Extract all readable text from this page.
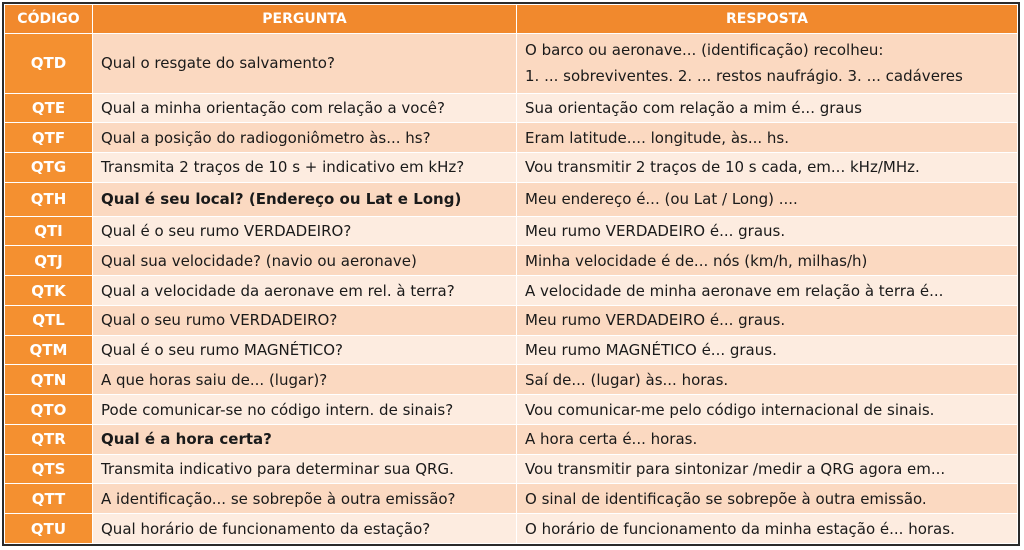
CÓDIGO	PERGUNTA	RESPOSTA
QTD	Qual o resgate do salvamento?	O barco ou aeronave... (identificação) recolheu:
1. ... sobreviventes. 2. ... restos naufrágio. 3. ... cadáveres

QTE	Qual a minha orientação com relação a você?	Sua orientação com relação a mim é... graus
QTF	Qual a posição do radiogoniômetro às... hs?	Eram latitude.... longitude, às... hs.
QTG	Transmita 2 traços de 10 s + indicativo em kHz?	Vou transmitir 2 traços de 10 s cada, em... kHz/MHz.
QTH	Qual é seu local? (Endereço ou Lat e Long)	Meu endereço é... (ou Lat / Long) ....
QTI	Qual é o seu rumo VERDADEIRO?	Meu rumo VERDADEIRO é... graus.
QTJ	Qual sua velocidade? (navio ou aeronave)	Minha velocidade é de... nós (km/h, milhas/h)
QTK	Qual a velocidade da aeronave em rel. à terra?	A velocidade de minha aeronave em relação à terra é...
QTL	Qual o seu rumo VERDADEIRO?	Meu rumo VERDADEIRO é... graus.
QTM	Qual é o seu rumo MAGNÉTICO?	Meu rumo MAGNÉTICO é... graus.
QTN	A que horas saiu de... (lugar)?	Saí de... (lugar) às... horas.
QTO	Pode comunicar-se no código intern. de sinais?	Vou comunicar-me pelo código internacional de sinais.
QTR	Qual é a hora certa?	A hora certa é... horas.
QTS	Transmita indicativo para determinar sua QRG.	Vou transmitir para sintonizar /medir a QRG agora em...
QTT	A identificação... se sobrepõe à outra emissão?	O sinal de identificação se sobrepõe à outra emissão.
QTU	Qual horário de funcionamento da estação?	O horário de funcionamento da minha estação é... horas.
